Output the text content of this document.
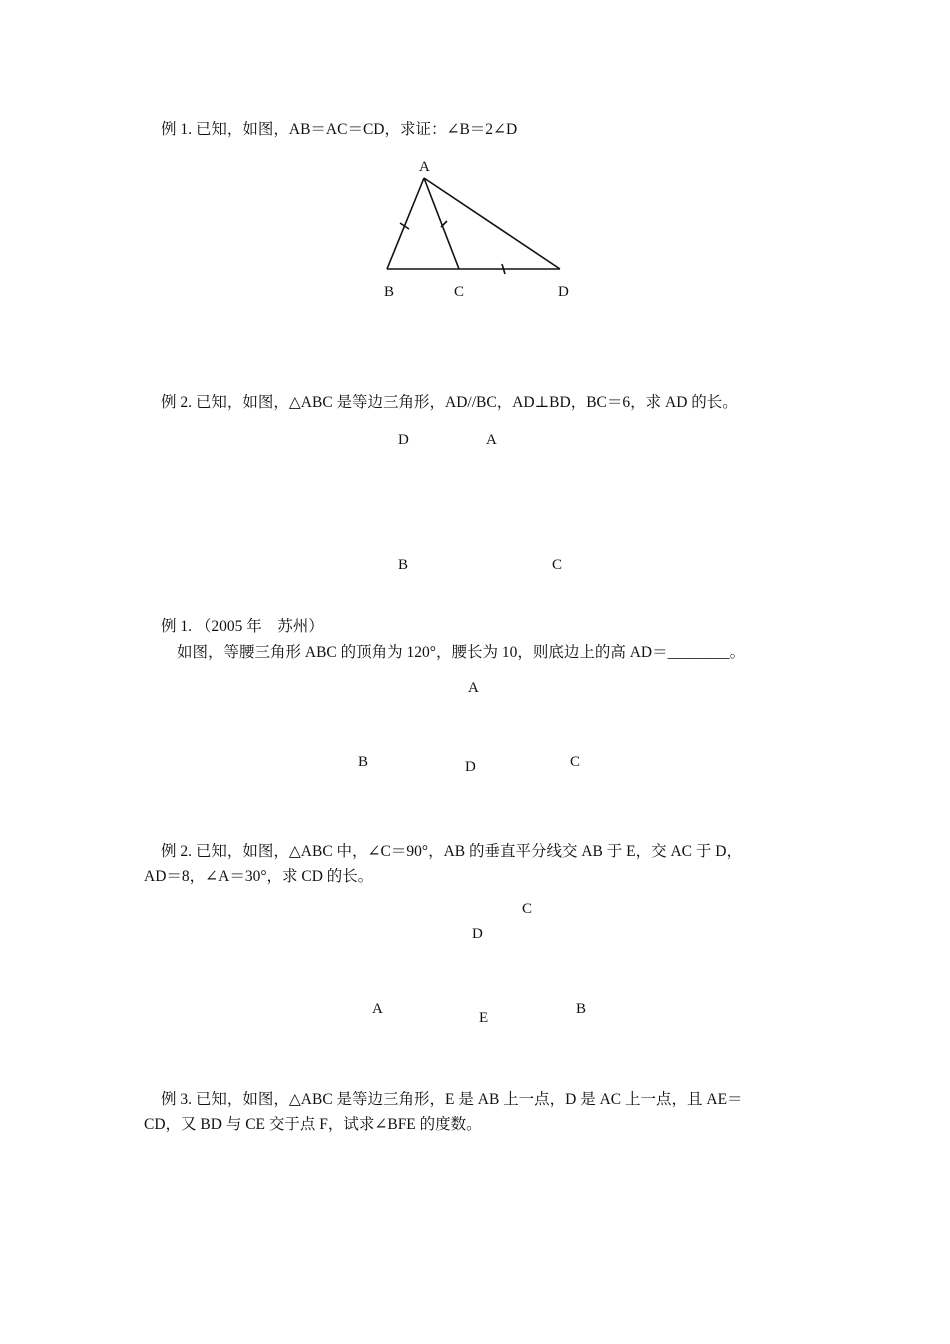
例 1. 已知，如图，AB＝AC＝CD，求证：∠B＝2∠D
A
B	C	D
例 2. 已知，如图，△ABC 是等边三角形，AD//BC，AD⊥BD，BC＝6，求 AD 的长。
D	A
B	C
例 1. （2005 年　苏州）
如图，等腰三角形 ABC 的顶角为 120°，腰长为 10，则底边上的高 AD＝________。
A
B	D	C
例 2. 已知，如图，△ABC 中，∠C＝90°，AB 的垂直平分线交 AB 于 E，交 AC 于 D，
AD＝8，∠A＝30°，求 CD 的长。
C
D
A
E
B
例 3. 已知，如图，△ABC 是等边三角形，E 是 AB 上一点，D 是 AC 上一点，且 AE＝
CD，又 BD 与 CE 交于点 F，试求∠BFE 的度数。
